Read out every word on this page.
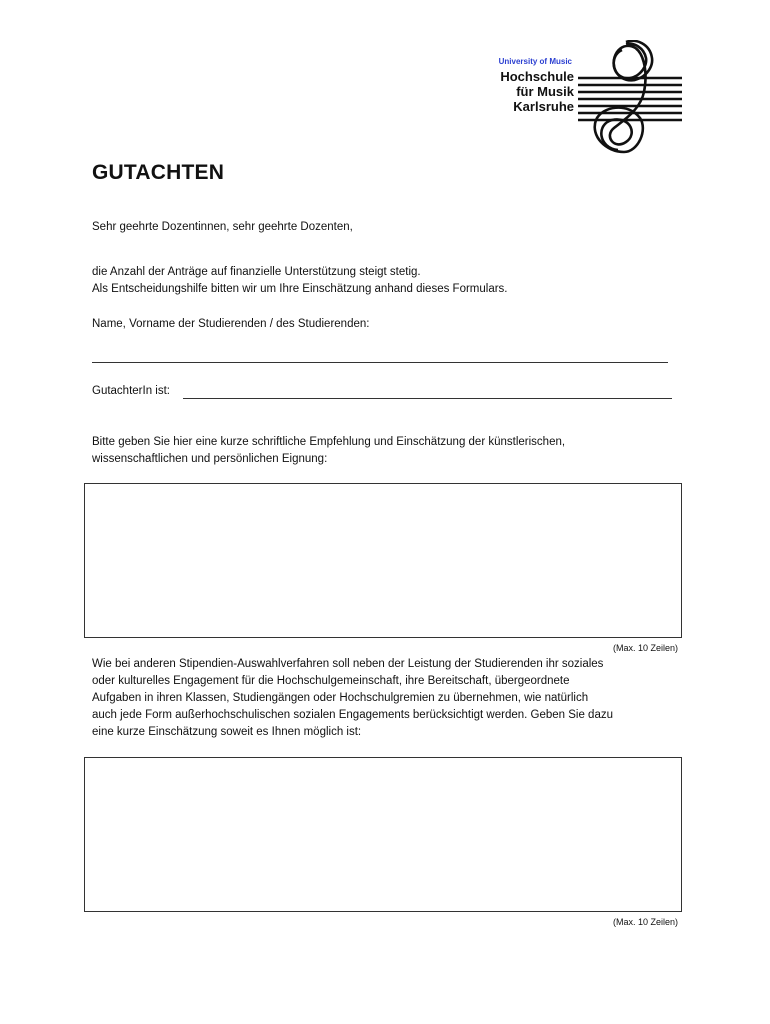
University of Music
Hochschule
für Musik
Karlsruhe
GUTACHTEN
Sehr geehrte Dozentinnen, sehr geehrte Dozenten,
die Anzahl der Anträge auf finanzielle Unterstützung steigt stetig.
Als Entscheidungshilfe bitten wir um Ihre Einschätzung anhand dieses Formulars.
Name, Vorname der Studierenden / des Studierenden:
GutachterIn ist:
Bitte geben Sie hier eine kurze schriftliche Empfehlung und Einschätzung der künstlerischen,
wissenschaftlichen und persönlichen Eignung:
(Max. 10 Zeilen)
Wie bei anderen Stipendien-Auswahlverfahren soll neben der Leistung der Studierenden ihr soziales
oder kulturelles Engagement für die Hochschulgemeinschaft, ihre Bereitschaft, übergeordnete
Aufgaben in ihren Klassen, Studiengängen oder Hochschulgremien zu übernehmen, wie natürlich
auch jede Form außerhochschulischen sozialen Engagements berücksichtigt werden. Geben Sie dazu
eine kurze Einschätzung soweit es Ihnen möglich ist:
(Max. 10 Zeilen)
